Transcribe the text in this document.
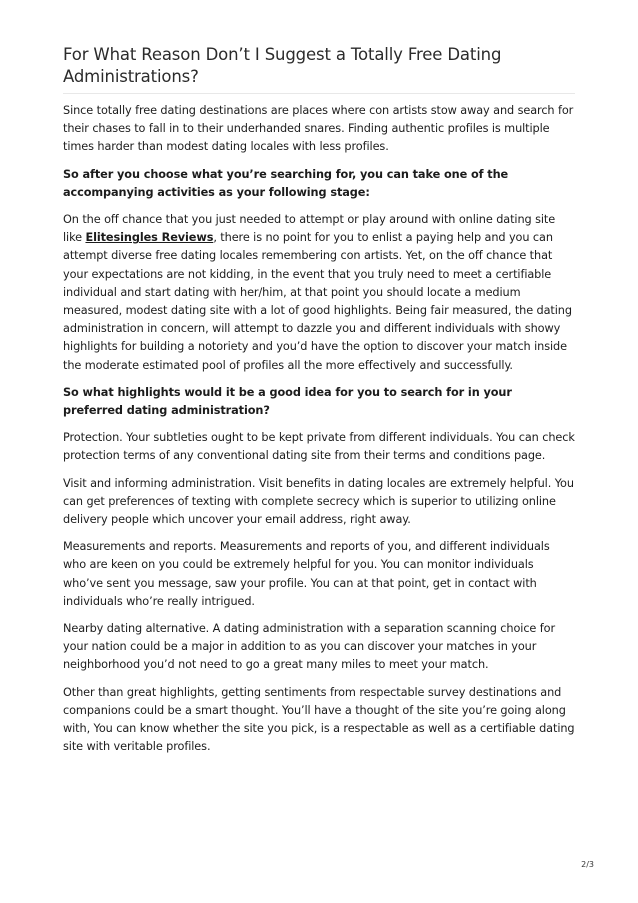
For What Reason Don’t I Suggest a Totally Free Dating Administrations?

Since totally free dating destinations are places where con artists stow away and search for their chases to fall in to their underhanded snares. Finding authentic profiles is multiple times harder than modest dating locales with less profiles.

So after you choose what you’re searching for, you can take one of the accompanying activities as your following stage:

On the off chance that you just needed to attempt or play around with online dating site like Elitesingles Reviews, there is no point for you to enlist a paying help and you can attempt diverse free dating locales remembering con artists. Yet, on the off chance that your expectations are not kidding, in the event that you truly need to meet a certifiable individual and start dating with her/him, at that point you should locate a medium measured, modest dating site with a lot of good highlights. Being fair measured, the dating administration in concern, will attempt to dazzle you and different individuals with showy highlights for building a notoriety and you’d have the option to discover your match inside the moderate estimated pool of profiles all the more effectively and successfully.

So what highlights would it be a good idea for you to search for in your preferred dating administration?

Protection. Your subtleties ought to be kept private from different individuals. You can check protection terms of any conventional dating site from their terms and conditions page.

Visit and informing administration. Visit benefits in dating locales are extremely helpful. You can get preferences of texting with complete secrecy which is superior to utilizing online delivery people which uncover your email address, right away.

Measurements and reports. Measurements and reports of you, and different individuals who are keen on you could be extremely helpful for you. You can monitor individuals who’ve sent you message, saw your profile. You can at that point, get in contact with individuals who’re really intrigued.

Nearby dating alternative. A dating administration with a separation scanning choice for your nation could be a major in addition to as you can discover your matches in your neighborhood you’d not need to go a great many miles to meet your match.

Other than great highlights, getting sentiments from respectable survey destinations and companions could be a smart thought. You’ll have a thought of the site you’re going along with, You can know whether the site you pick, is a respectable as well as a certifiable dating site with veritable profiles.

2/3
